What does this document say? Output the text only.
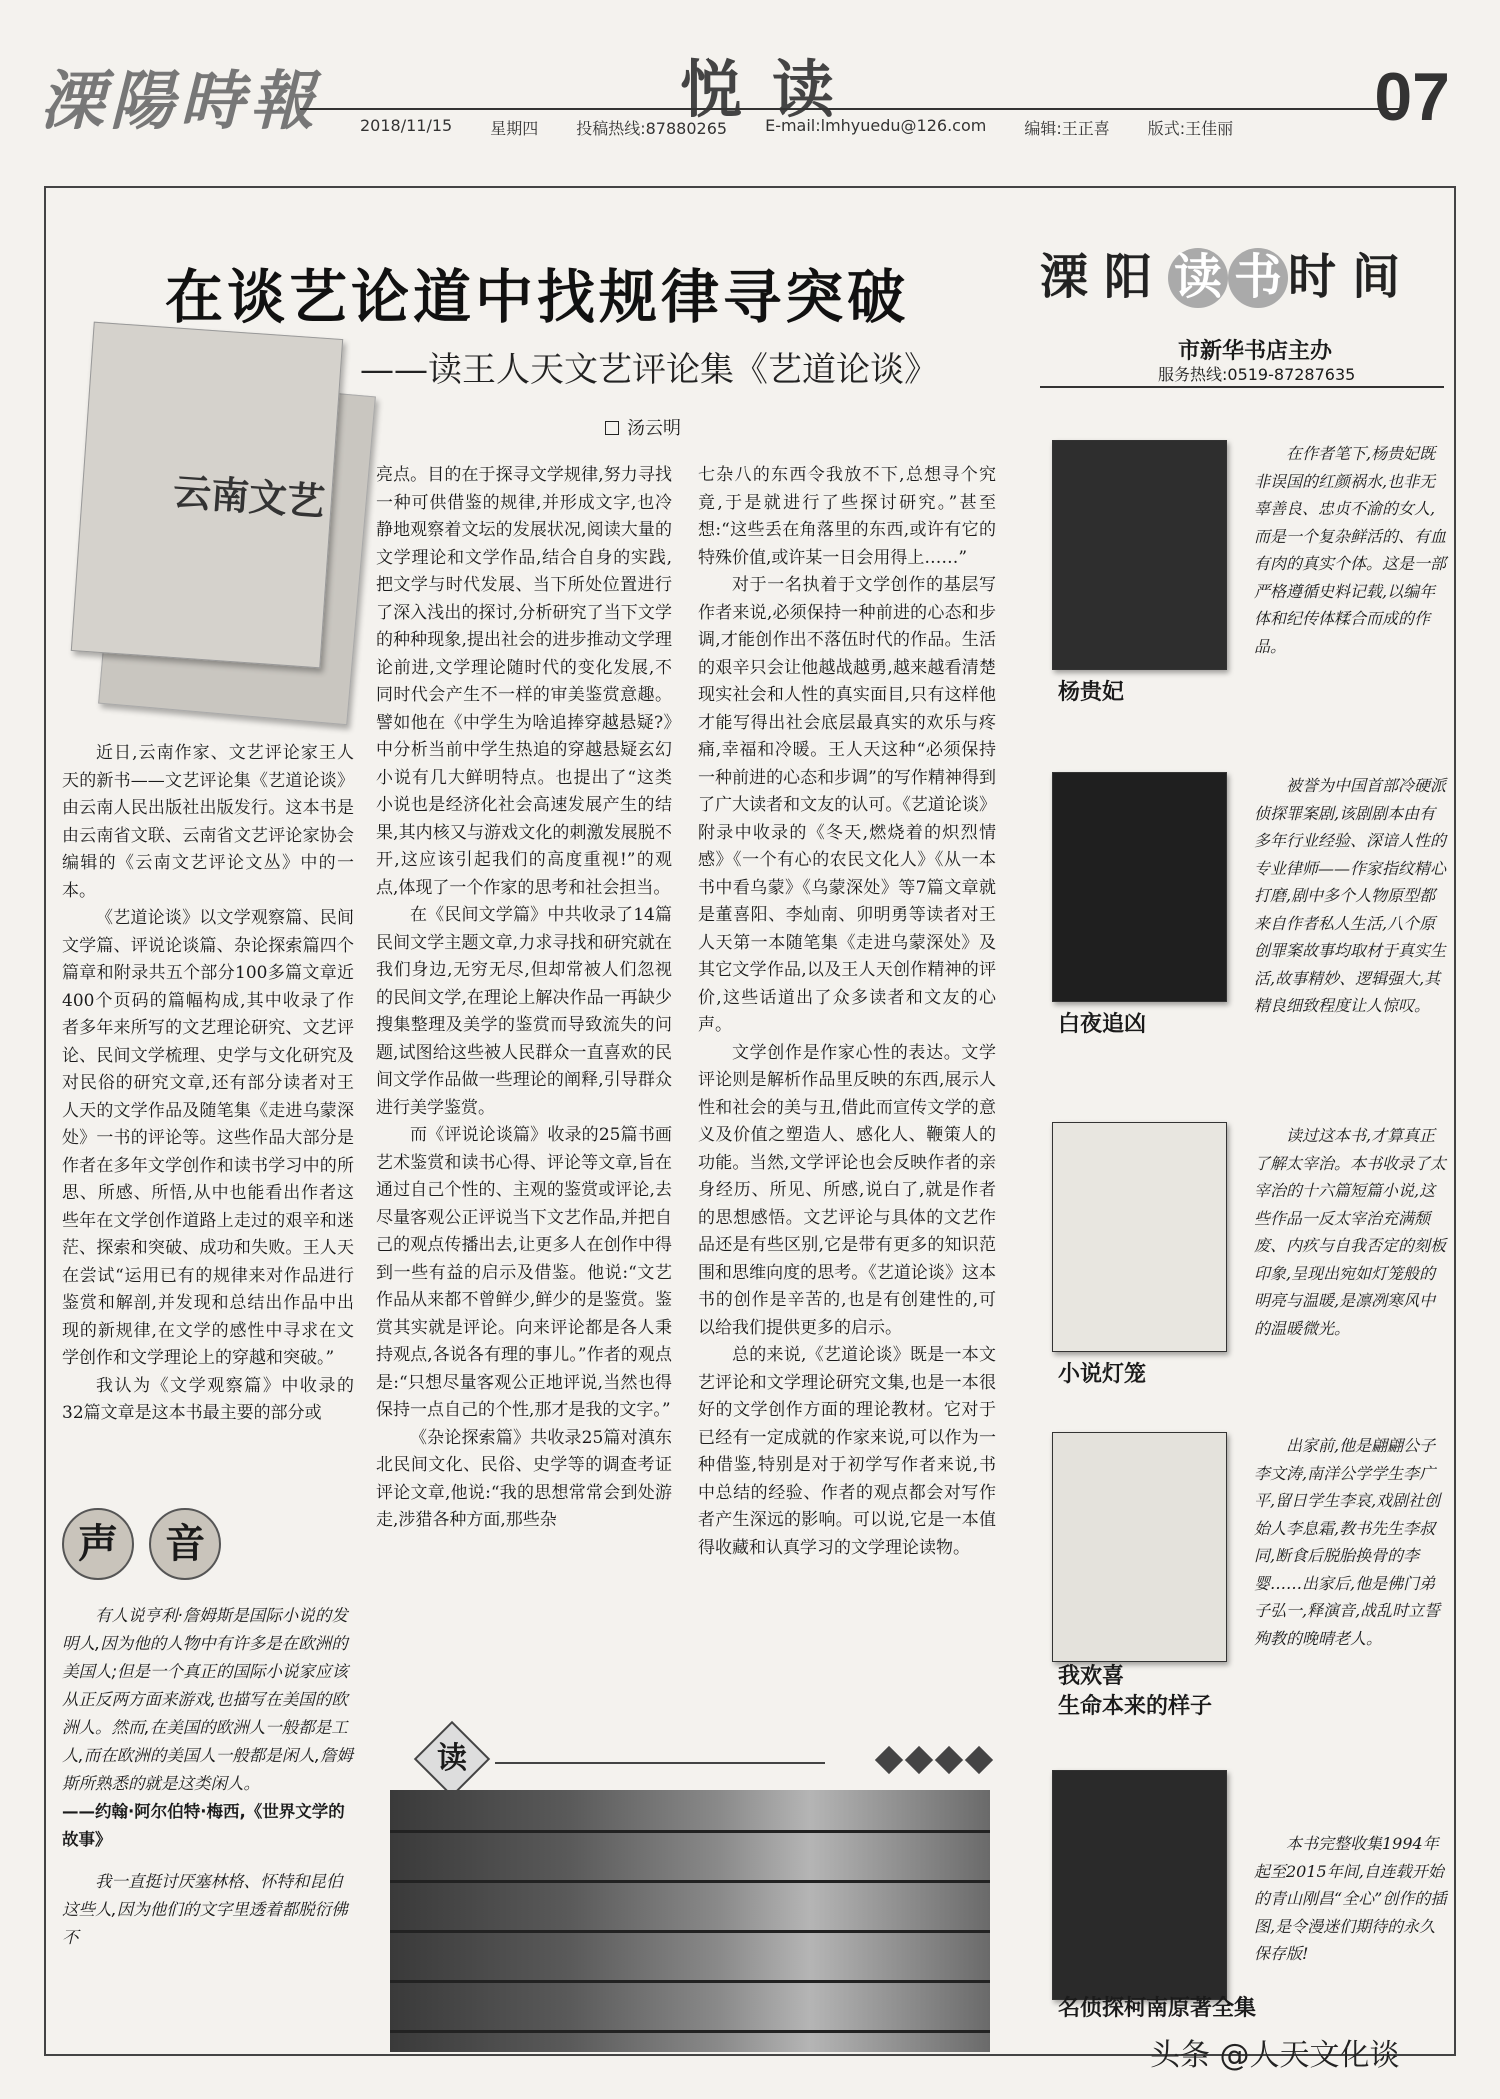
溧陽時報	悦读	07
2018/11/15 星期四 投稿热线:87880265 E-mail:lmhyuedu@126.com 编辑:王正喜 版式:王佳丽
在谈艺论道中找规律寻突破
——读王人天文艺评论集《艺道论谈》
汤云明
云南文艺

近日,云南作家、文艺评论家王人天的新书——文艺评论集《艺道论谈》由云南人民出版社出版发行。这本书是由云南省文联、云南省文艺评论家协会编辑的《云南文艺评论文丛》中的一本。

《艺道论谈》以文学观察篇、民间文学篇、评说论谈篇、杂论探索篇四个篇章和附录共五个部分100多篇文章近400个页码的篇幅构成,其中收录了作者多年来所写的文艺理论研究、文艺评论、民间文学梳理、史学与文化研究及对民俗的研究文章,还有部分读者对王人天的文学作品及随笔集《走进乌蒙深处》一书的评论等。这些作品大部分是作者在多年文学创作和读书学习中的所思、所感、所悟,从中也能看出作者这些年在文学创作道路上走过的艰辛和迷茫、探索和突破、成功和失败。王人天在尝试“运用已有的规律来对作品进行鉴赏和解剖,并发现和总结出作品中出现的新规律,在文学的感性中寻求在文学创作和文学理论上的穿越和突破。”

我认为《文学观察篇》中收录的32篇文章是这本书最主要的部分或

亮点。目的在于探寻文学规律,努力寻找一种可供借鉴的规律,并形成文字,也冷静地观察着文坛的发展状况,阅读大量的文学理论和文学作品,结合自身的实践,把文学与时代发展、当下所处位置进行了深入浅出的探讨,分析研究了当下文学的种种现象,提出社会的进步推动文学理论前进,文学理论随时代的变化发展,不同时代会产生不一样的审美鉴赏意趣。譬如他在《中学生为啥追捧穿越悬疑?》中分析当前中学生热追的穿越悬疑玄幻小说有几大鲜明特点。也提出了“这类小说也是经济化社会高速发展产生的结果,其内核又与游戏文化的刺激发展脱不开,这应该引起我们的高度重视!”的观点,体现了一个作家的思考和社会担当。

在《民间文学篇》中共收录了14篇民间文学主题文章,力求寻找和研究就在我们身边,无穷无尽,但却常被人们忽视的民间文学,在理论上解决作品一再缺少搜集整理及美学的鉴赏而导致流失的问题,试图给这些被人民群众一直喜欢的民间文学作品做一些理论的阐释,引导群众进行美学鉴赏。

而《评说论谈篇》收录的25篇书画艺术鉴赏和读书心得、评论等文章,旨在通过自己个性的、主观的鉴赏或评论,去尽量客观公正评说当下文艺作品,并把自己的观点传播出去,让更多人在创作中得到一些有益的启示及借鉴。他说:“文艺作品从来都不曾鲜少,鲜少的是鉴赏。鉴赏其实就是评论。向来评论都是各人秉持观点,各说各有理的事儿。”作者的观点是:“只想尽量客观公正地评说,当然也得保持一点自己的个性,那才是我的文字。”

《杂论探索篇》共收录25篇对滇东北民间文化、民俗、史学等的调查考证评论文章,他说:“我的思想常常会到处游走,涉猎各种方面,那些杂

七杂八的东西令我放不下,总想寻个究竟,于是就进行了些探讨研究。”甚至想:“这些丢在角落里的东西,或许有它的特殊价值,或许某一日会用得上……”

对于一名执着于文学创作的基层写作者来说,必须保持一种前进的心态和步调,才能创作出不落伍时代的作品。生活的艰辛只会让他越战越勇,越来越看清楚现实社会和人性的真实面目,只有这样他才能写得出社会底层最真实的欢乐与疼痛,幸福和冷暖。王人天这种“必须保持一种前进的心态和步调”的写作精神得到了广大读者和文友的认可。《艺道论谈》附录中收录的《冬天,燃烧着的炽烈情感》《一个有心的农民文化人》《从一本书中看乌蒙》《乌蒙深处》等7篇文章就是董喜阳、李灿南、卯明勇等读者对王人天第一本随笔集《走进乌蒙深处》及其它文学作品,以及王人天创作精神的评价,这些话道出了众多读者和文友的心声。

文学创作是作家心性的表达。文学评论则是解析作品里反映的东西,展示人性和社会的美与丑,借此而宣传文学的意义及价值之塑造人、感化人、鞭策人的功能。当然,文学评论也会反映作者的亲身经历、所见、所感,说白了,就是作者的思想感悟。文艺评论与具体的文艺作品还是有些区别,它是带有更多的知识范围和思维向度的思考。《艺道论谈》这本书的创作是辛苦的,也是有创建性的,可以给我们提供更多的启示。

总的来说,《艺道论谈》既是一本文艺评论和文学理论研究文集,也是一本很好的文学创作方面的理论教材。它对于已经有一定成就的作家来说,可以作为一种借鉴,特别是对于初学写作者来说,书中总结的经验、作者的观点都会对写作者产生深远的影响。可以说,它是一本值得收藏和认真学习的文学理论读物。

声 音

有人说亨利·詹姆斯是国际小说的发明人,因为他的人物中有许多是在欧洲的美国人;但是一个真正的国际小说家应该从正反两方面来游戏,也描写在美国的欧洲人。然而,在美国的欧洲人一般都是工人,而在欧洲的美国人一般都是闲人,詹姆斯所熟悉的就是这类闲人。

——约翰·阿尔伯特·梅西,《世界文学的故事》

我一直挺讨厌塞林格、怀特和昆伯这些人,因为他们的文字里透着都脱衍佛不

读
溧阳 读 书 时间
市新华书店主办
服务热线:0519-87287635
杨贵妃
在作者笔下,杨贵妃既非误国的红颜祸水,也非无辜善良、忠贞不渝的女人,而是一个复杂鲜活的、有血有肉的真实个体。这是一部严格遵循史料记载,以编年体和纪传体糅合而成的作品。
白夜追凶
被誉为中国首部冷硬派侦探罪案剧,该剧剧本由有多年行业经验、深谙人性的专业律师——作家指纹精心打磨,剧中多个人物原型都来自作者私人生活,八个原创罪案故事均取材于真实生活,故事精妙、逻辑强大,其精良细致程度让人惊叹。
小说灯笼
读过这本书,才算真正了解太宰治。本书收录了太宰治的十六篇短篇小说,这些作品一反太宰治充满颓废、内疚与自我否定的刻板印象,呈现出宛如灯笼般的明亮与温暖,是凛冽寒风中的温暖微光。
我欢喜
生命本来的样子
出家前,他是翩翩公子李文涛,南洋公学学生李广平,留日学生李哀,戏剧社创始人李息霜,教书先生李叔同,断食后脱胎换骨的李婴……出家后,他是佛门弟子弘一,释演音,战乱时立誓殉教的晚晴老人。
名侦探柯南原著全集
本书完整收集1994年起至2015年间,自连载开始的青山刚昌“全心”创作的插图,是令漫迷们期待的永久保存版!
头条 @人天文化谈
